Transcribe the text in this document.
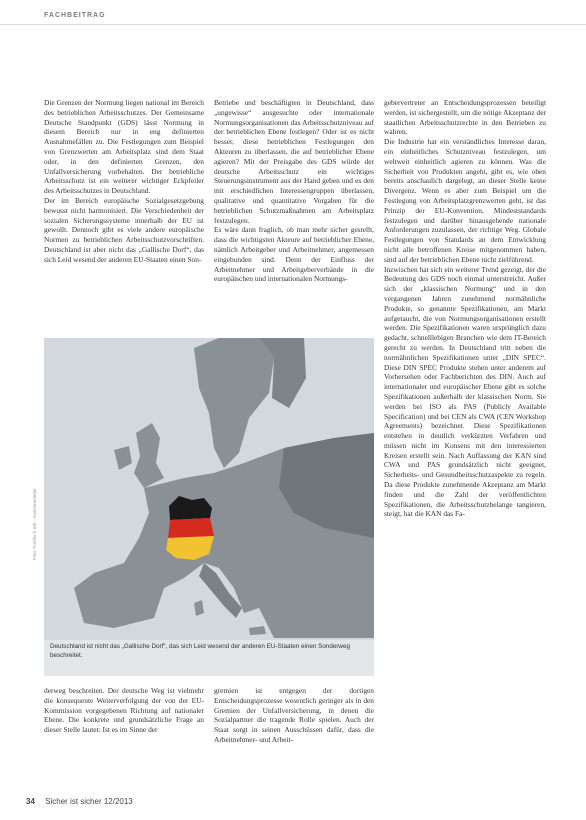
FACHBEITRAG

Die Grenzen der Normung liegen national im Bereich des betrieblichen Arbeitsschutzes. Der Gemeinsame Deutsche Standpunkt (GDS) lässt Normung in diesem Bereich nur in eng definierten Ausnahmefällen zu. Die Festlegungen zum Beispiel von Grenzwerten am Arbeitsplatz sind dem Staat oder, in den definierten Grenzen, den Unfallversicherung vorbehalten. Der betriebliche Arbeitsschutz ist ein weiterer wichtiger Eckpfeiler des Arbeitsschutzes in Deutschland.

Der im Bereich europäische Sozialgesetzgebung bewusst nicht harmonisiert. Die Verschiedenheit der sozialen Sicherungssysteme innerhalb der EU ist gewollt. Dennoch gibt es viele andere europäische Normen zu betrieblichen Arbeitsschutzvorschriften. Deutschland ist aber nicht das „Gallische Dorf“, das sich Leid wesend der anderen EU-Staaten einen Son-

Betriebe und beschäftigten in Deutschland, dass „ungewisse“ ausgesuchte oder internationale Normungsorganisationen das Arbeitsschutzniveau auf der betrieblichen Ebene festlegen? Oder ist es nicht besser, diese betrieblichen Festlegungen den Akteuren zu überlassen, die auf betrieblicher Ebene agieren? Mit der Preisgabe des GDS würde der deutsche Arbeitsschutz ein wichtiges Steuerungsinstrument aus der Hand geben und es den mit erschiedlichen Interessengruppen überlassen, qualitative und quantitative Vorgaben für die betrieblichen Schutzmaßnahmen am Arbeitsplatz festzulegen.

Es wäre dann fraglich, ob man mehr sicher gestellt, dass die wichtigsten Akteure auf betrieblicher Ebene, nämlich Arbeitgeber und Arbeitnehmer, angemessen eingebunden sind. Denn der Einfluss der Arbeitnehmer und Arbeitgeberverbände in die europäischen und internationalen Normungs-

gebervertreter an Entscheidungsprozessen beteiligt werden, ist sichergestellt, um die nötige Akzeptanz der staatlichen Arbeitsschutzrechte in den Betrieben zu wahren.

Die Industrie hat ein verständliches Interesse daran, ein einheitliches Schutzniveau festzulegen, um weltweit einheitlich agieren zu können. Was die Sicherheit von Produkten angeht, gibt es, wie oben bereits anschaulich dargelegt, an dieser Stelle keine Divergenz. Wenn es aber zum Beispiel um die Festlegung von Arbeitsplatzgrenzwerten geht, ist das Prinzip der EU-Konvention, Mindeststandards festzulegen und darüber hinausgehende nationale Anforderungen zuzulassen, der richtige Weg. Globale Festlegungen von Standards an dem Entwicklung nicht alle betroffenen Kreise mitgenommen haben, sind auf der betrieblichen Ebene nicht zielführend.

Inzwischen hat sich ein weiterer Trend gezeigt, der die Bedeutung des GDS noch einmal unterstreicht. Außer sich der „klassischen Normung“ und in den vergangenen Jahren zunehmend normähnliche Produkte, so genannte Spezifikationen, am Markt aufgetaucht, die von Normungsorganisationen erstellt werden. Die Spezifikationen waren ursprünglich dazu gedacht, schnelllebigen Branchen wie dem IT-Bereich gerecht zu werden. In Deutschland tritt neben die normähnlichen Spezifikationen unter „DIN SPEC“. Diese DIN SPEC Produkte stehen unter anderem auf Vorhersehen oder Fachberichten des DIN. Auch auf internationaler und europäischer Ebene gibt es solche Spezifikationen außerhalb der klassischen Norm. Sie werden bei ISO als PAS (Publicly Available Specification) und bei CEN als CWA (CEN Workshop Agreements) bezeichnet. Diese Spezifikationen entstehen in deutlich verkürzten Verfahren und müssen nicht im Konsens mit den interessierten Kreisen erstellt sein. Nach Auffassung der KAN sind CWA und PAS grundsätzlich nicht geeignet, Sicherheits- und Gesundheitsschutzaspekte zu regeln. Da diese Produkte zunehmende Akzeptanz am Markt finden und die Zahl der veröffentlichten Spezifikationen, die Arbeitsschutzbelange tangieren, steigt, hat die KAN das Fa-

Deutschland ist nicht das „Gallische Dorf“, das sich Leid wesend der anderen EU-Staaten einen Sonderweg beschreitet.
Foto: Fotolia © mb – Kartenmaterial

derweg beschreiten. Der deutsche Weg ist vielmehr die konsequente Weiterverfolgung der von der EU-Kommission vorgegebenen Richtung auf nationaler Ebene. Die konkrete und grundsätzliche Frage an dieser Stelle lautet: Ist es im Sinne der

gremien ist entgegen der dortigen Entscheidungsprozesse wesentlich geringer als in den Gremien der Unfallversicherung, in denen die Sozialpartner die tragende Rolle spielen. Auch der Staat sorgt in seinen Ausschüssen dafür, dass die Arbeitnehmer- und Arbeit-

34 Sicher ist sicher 12/2013
